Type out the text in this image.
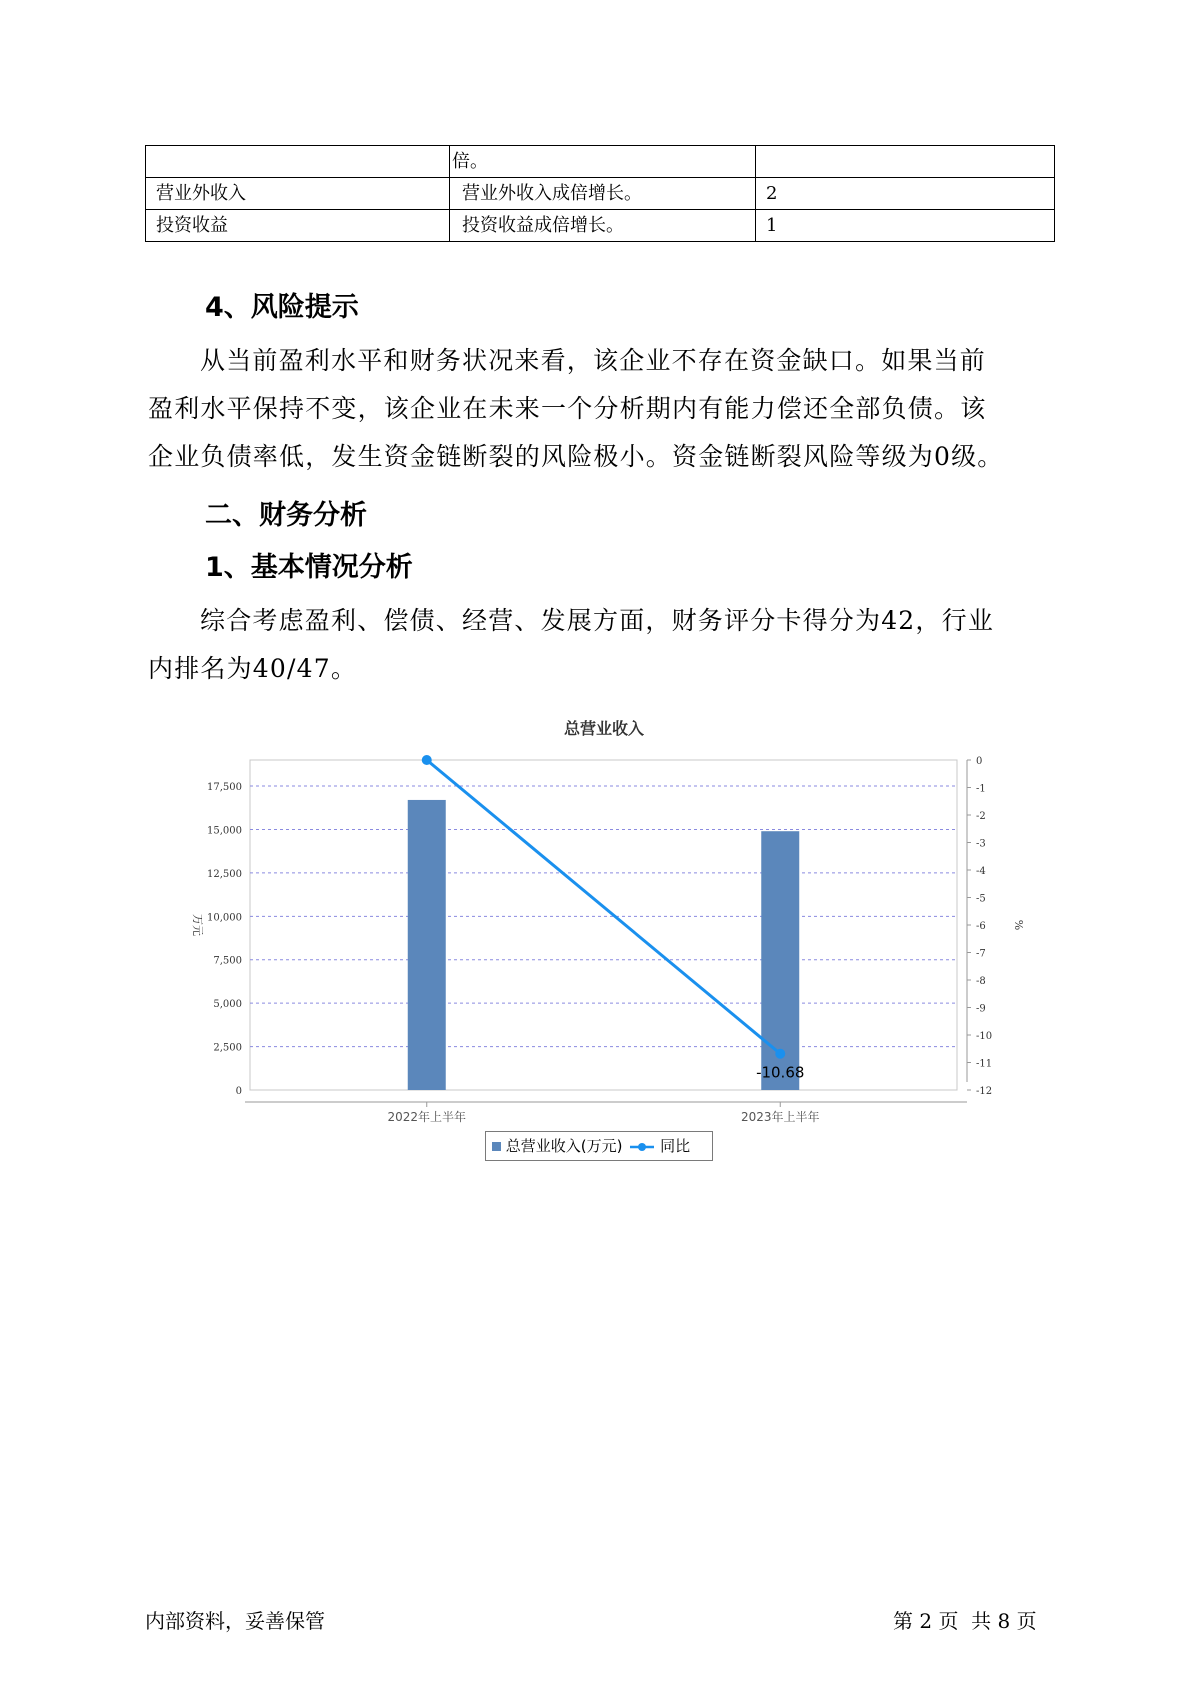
	倍。	
营业外收入	营业外收入成倍增长。	2
投资收益	投资收益成倍增长。	1
4、风险提示
从当前盈利水平和财务状况来看，该企业不存在资金缺口。如果当前
盈利水平保持不变，该企业在未来一个分析期内有能力偿还全部负债。该
企业负债率低，发生资金链断裂的风险极小。资金链断裂风险等级为0级。
二、财务分析
1、基本情况分析
综合考虑盈利、偿债、经营、发展方面，财务评分卡得分为42，行业
内排名为40/47。
总营业收入
0
2,500
5,000
7,500
10,000
12,500
15,000
17,500
0
-1
-2
-3
-4
-5
-6
-7
-8
-9
-10
-11
-12
万元	%
2022年上半年	2023年上半年
-10.68
总营业收入(万元)	同比
内部资料，妥善保管	第 2 页  共 8 页
